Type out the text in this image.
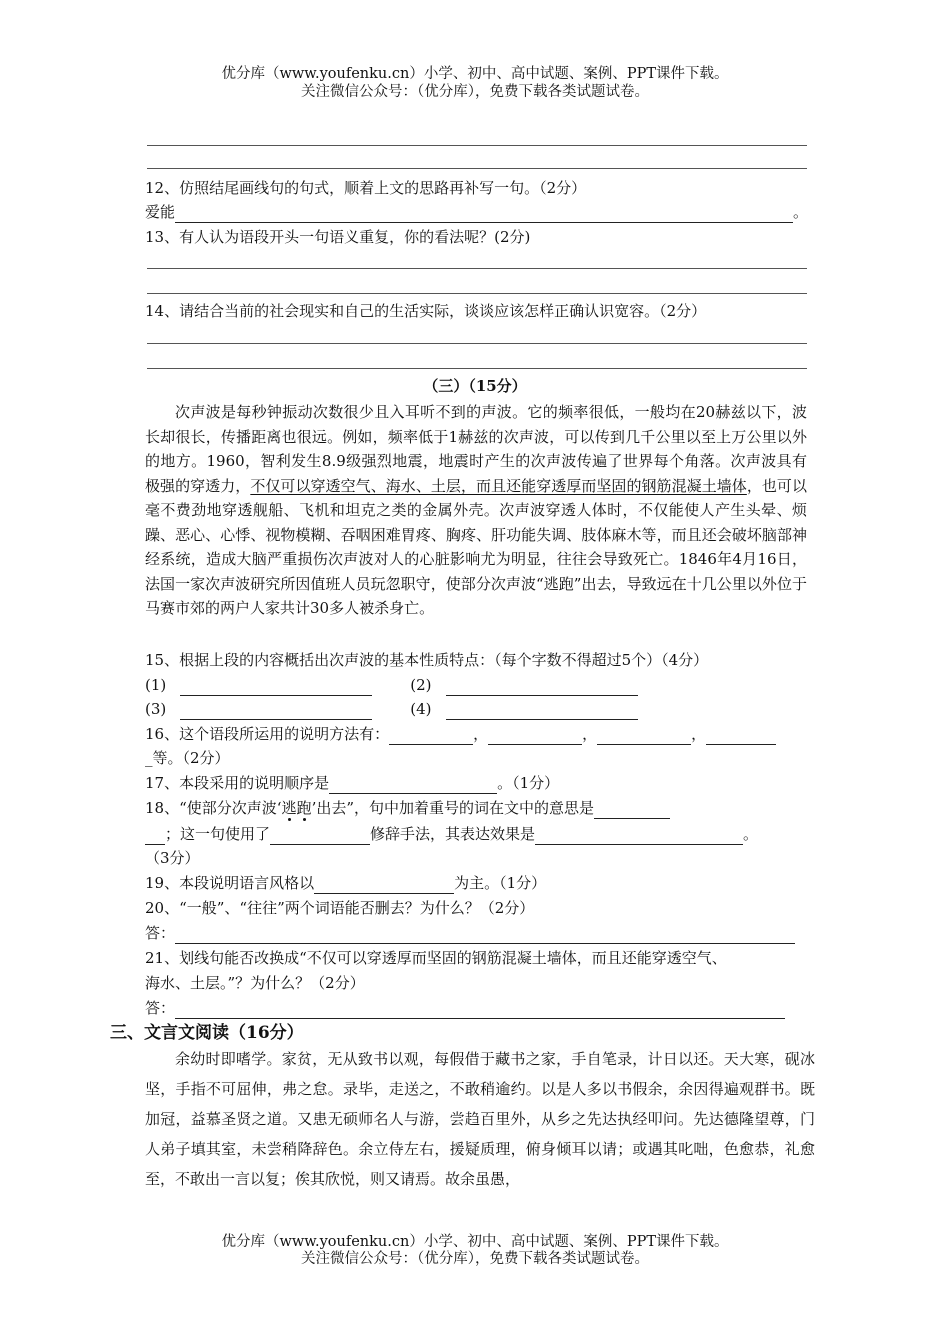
优分库（www.youfenku.cn）小学、初中、高中试题、案例、PPT课件下载。
关注微信公众号：（优分库），免费下载各类试题试卷。
12、仿照结尾画线句的句式，顺着上文的思路再补写一句。（2分）
爱能	。
13、有人认为语段开头一句语义重复，你的看法呢？(2分)
14、请结合当前的社会现实和自己的生活实际，谈谈应该怎样正确认识宽容。（2分）
（三）（15分）
次声波是每秒钟振动次数很少且入耳听不到的声波。它的频率很低，一般均在20赫兹以下，波长却很长，传播距离也很远。例如，频率低于1赫兹的次声波，可以传到几千公里以至上万公里以外的地方。1960，智利发生8.9级强烈地震，地震时产生的次声波传遍了世界每个角落。次声波具有极强的穿透力，不仅可以穿透空气、海水、土层，而且还能穿透厚而坚固的钢筋混凝土墙体，也可以毫不费劲地穿透舰船、飞机和坦克之类的金属外壳。次声波穿透人体时，不仅能使人产生头晕、烦躁、恶心、心悸、视物模糊、吞咽困难胃疼、胸疼、肝功能失调、肢体麻木等，而且还会破坏脑部神经系统，造成大脑严重损伤次声波对人的心脏影响尤为明显，往往会导致死亡。1846年4月16日，法国一家次声波研究所因值班人员玩忽职守，使部分次声波“逃跑”出去，导致远在十几公里以外位于马赛市郊的两户人家共计30多人被杀身亡。
15、根据上段的内容概括出次声波的基本性质特点：（每个字数不得超过5个）（4分）
(1)	(2)
(3)	(4)
16、这个语段所运用的说明方法有：	，	，	，
_等。（2分）
17、本段采用的说明顺序是	。（1分）
18、“使部分次声波‘逃跑’出去”，句中加着重号的词在文中的意思是
；这一句使用了	修辞手法，其表达效果是	。
（3分）
19、本段说明语言风格以	为主。（1分）
20、“一般”、“往往”两个词语能否删去？为什么？（2分）
答：
21、划线句能否改换成“不仅可以穿透厚而坚固的钢筋混凝土墙体，而且还能穿透空气、
海水、土层。”？为什么？（2分）
答：
三、文言文阅读（16分）
余幼时即嗜学。家贫，无从致书以观，每假借于藏书之家，手自笔录，计日以还。天大寒，砚冰坚，手指不可屈伸，弗之怠。录毕，走送之，不敢稍逾约。以是人多以书假余，余因得遍观群书。既加冠，益慕圣贤之道。又患无硕师名人与游，尝趋百里外，从乡之先达执经叩问。先达德隆望尊，门人弟子填其室，未尝稍降辞色。余立侍左右，援疑质理，俯身倾耳以请；或遇其叱咄，色愈恭，礼愈至，不敢出一言以复；俟其欣悦，则又请焉。故余虽愚，
优分库（www.youfenku.cn）小学、初中、高中试题、案例、PPT课件下载。
关注微信公众号：（优分库），免费下载各类试题试卷。
